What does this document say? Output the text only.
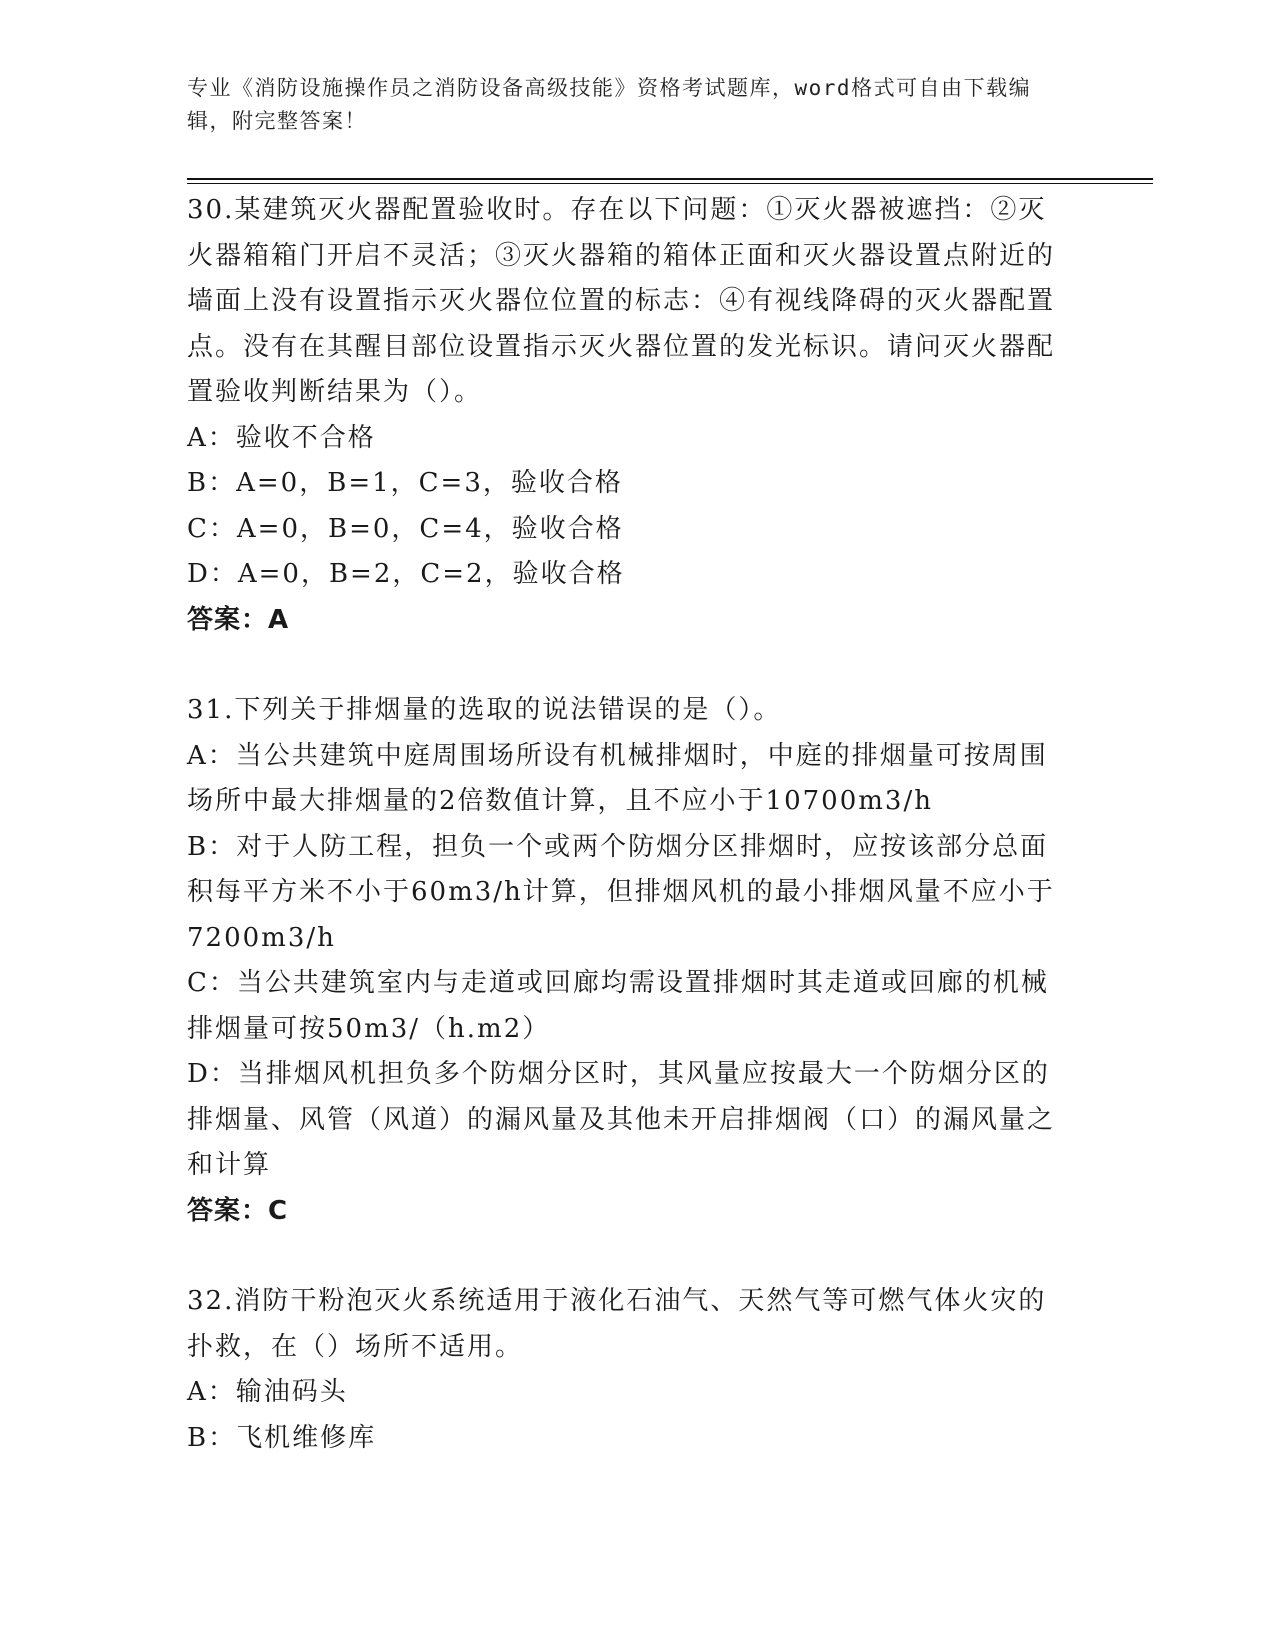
专业《消防设施操作员之消防设备高级技能》资格考试题库，word格式可自由下载编辑，附完整答案！

30.某建筑灭火器配置验收时。存在以下问题：①灭火器被遮挡：②灭火器箱箱门开启不灵活；③灭火器箱的箱体正面和灭火器设置点附近的墙面上没有设置指示灭火器位位置的标志：④有视线降碍的灭火器配置点。没有在其醒目部位设置指示灭火器位置的发光标识。请问灭火器配置验收判断结果为（）。

A：验收不合格

B：A=0，B=1，C=3，验收合格

C：A=0，B=0，C=4，验收合格

D：A=0，B=2，C=2，验收合格

答案：A

31.下列关于排烟量的选取的说法错误的是（）。

A：当公共建筑中庭周围场所设有机械排烟时，中庭的排烟量可按周围场所中最大排烟量的2倍数值计算，且不应小于10700m3/h

B：对于人防工程，担负一个或两个防烟分区排烟时，应按该部分总面积每平方米不小于60m3/h计算，但排烟风机的最小排烟风量不应小于7200m3/h

C：当公共建筑室内与走道或回廊均需设置排烟时其走道或回廊的机械排烟量可按50m3/（h.m2）

D：当排烟风机担负多个防烟分区时，其风量应按最大一个防烟分区的排烟量、风管（风道）的漏风量及其他未开启排烟阀（口）的漏风量之和计算

答案：C

32.消防干粉泡灭火系统适用于液化石油气、天然气等可燃气体火灾的扑救，在（）场所不适用。

A：输油码头

B：飞机维修库
